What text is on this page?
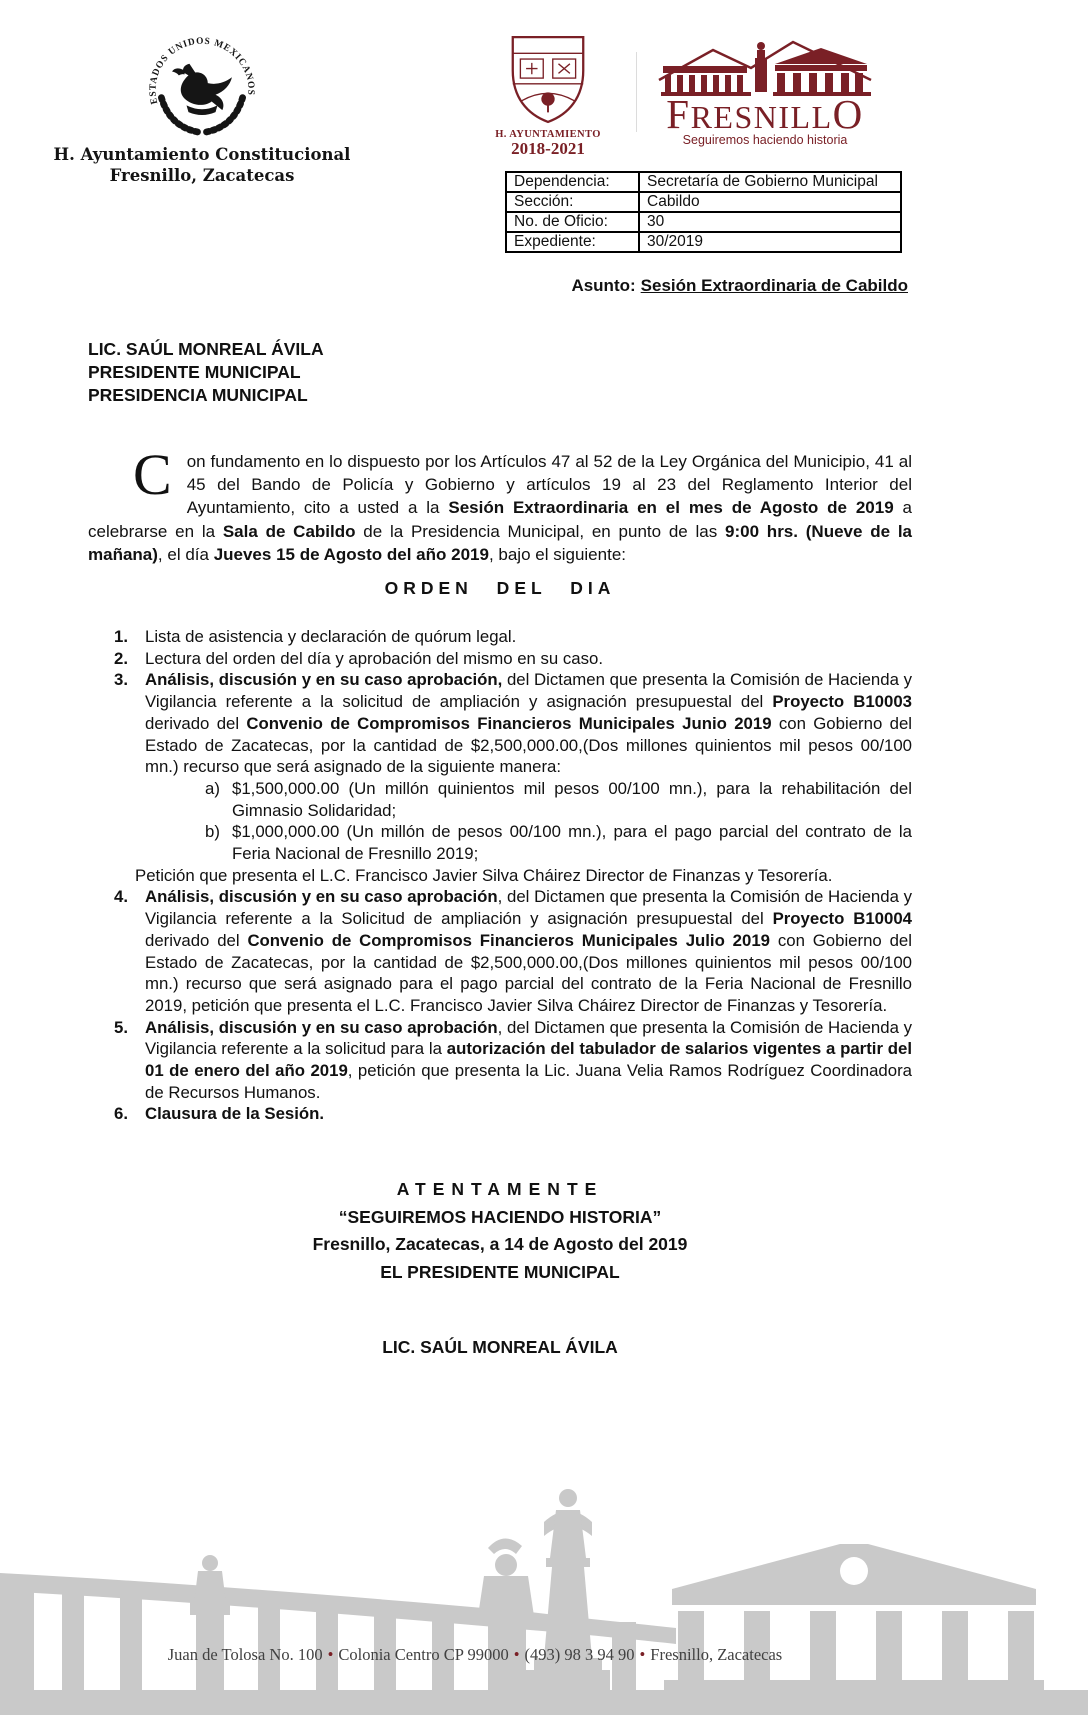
ESTADOS UNIDOS MEXICANOS
H. Ayuntamiento Constitucional
Fresnillo, Zacatecas
H. AYUNTAMIENTO
2018-2021
FRESNILLO
Seguiremos haciendo historia
Dependencia:	Secretaría de Gobierno Municipal
Sección:	Cabildo
No. de Oficio:	30
Expediente:	30/2019
Asunto: Sesión Extraordinaria de Cabildo
LIC. SAÚL MONREAL ÁVILA
PRESIDENTE MUNICIPAL
PRESIDENCIA MUNICIPAL
Con fundamento en lo dispuesto por los Artículos 47 al 52 de la Ley Orgánica del Municipio, 41 al 45 del Bando de Policía y Gobierno y artículos 19 al 23 del Reglamento Interior del Ayuntamiento, cito a usted a la Sesión Extraordinaria en el mes de Agosto de 2019 a celebrarse en la Sala de Cabildo de la Presidencia Municipal, en punto de las 9:00 hrs. (Nueve de la mañana), el día Jueves 15 de Agosto del año 2019, bajo el siguiente:
ORDEN DEL DIA
1.	Lista de asistencia y declaración de quórum legal.
2.	Lectura del orden del día y aprobación del mismo en su caso.
3.	Análisis, discusión y en su caso aprobación, del Dictamen que presenta la Comisión de Hacienda y Vigilancia referente a la solicitud de ampliación y asignación presupuestal del Proyecto B10003 derivado del Convenio de Compromisos Financieros Municipales Junio 2019 con Gobierno del Estado de Zacatecas, por la cantidad de $2,500,000.00,(Dos millones quinientos mil pesos 00/100 mn.) recurso que será asignado de la siguiente manera:
a) $1,500,000.00 (Un millón quinientos mil pesos 00/100 mn.), para la rehabilitación del Gimnasio Solidaridad;
b) $1,000,000.00 (Un millón de pesos 00/100 mn.), para el pago parcial del contrato de la Feria Nacional de Fresnillo 2019;
Petición que presenta el L.C. Francisco Javier Silva Cháirez Director de Finanzas y Tesorería.
4.	Análisis, discusión y en su caso aprobación, del Dictamen que presenta la Comisión de Hacienda y Vigilancia referente a la Solicitud de ampliación y asignación presupuestal del Proyecto B10004 derivado del Convenio de Compromisos Financieros Municipales Julio 2019 con Gobierno del Estado de Zacatecas, por la cantidad de $2,500,000.00,(Dos millones quinientos mil pesos 00/100 mn.) recurso que será asignado para el pago parcial del contrato de la Feria Nacional de Fresnillo 2019, petición que presenta el L.C. Francisco Javier Silva Cháirez Director de Finanzas y Tesorería.
5.	Análisis, discusión y en su caso aprobación, del Dictamen que presenta la Comisión de Hacienda y Vigilancia referente a la solicitud para la autorización del tabulador de salarios vigentes a partir del 01 de enero del año 2019, petición que presenta la Lic. Juana Velia Ramos Rodríguez Coordinadora de Recursos Humanos.
6.	Clausura de la Sesión.
ATENTAMENTE
“SEGUIREMOS HACIENDO HISTORIA”
Fresnillo, Zacatecas, a 14 de Agosto del 2019
EL PRESIDENTE MUNICIPAL
LIC. SAÚL MONREAL ÁVILA
Juan de Tolosa No. 100 • Colonia Centro CP 99000 • (493) 98 3 94 90 • Fresnillo, Zacatecas
